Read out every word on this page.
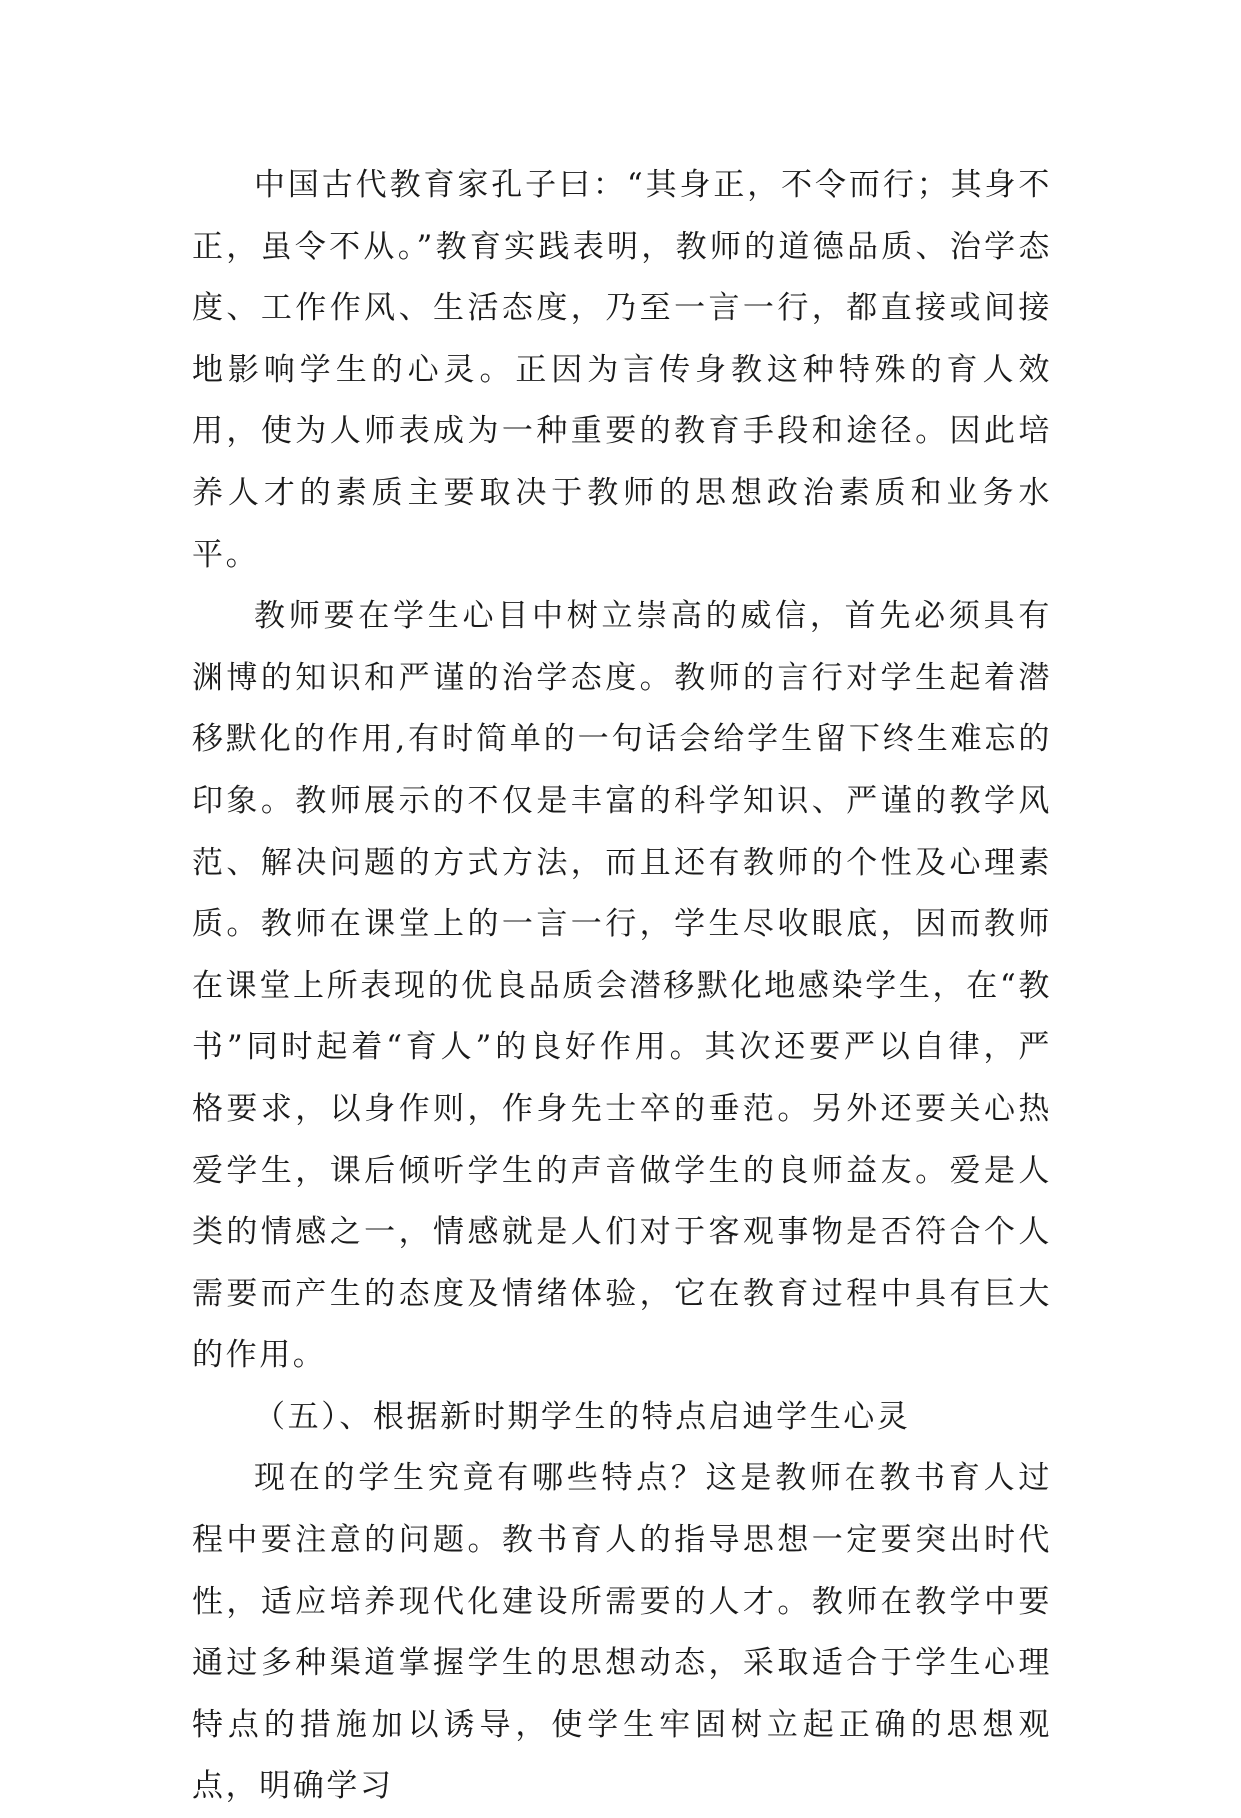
中国古代教育家孔子曰：“其身正，不令而行；其身不正，虽令不从。”教育实践表明，教师的道德品质、治学态度、工作作风、生活态度，乃至一言一行，都直接或间接地影响学生的心灵。正因为言传身教这种特殊的育人效用，使为人师表成为一种重要的教育手段和途径。因此培养人才的素质主要取决于教师的思想政治素质和业务水平。

教师要在学生心目中树立崇高的威信，首先必须具有渊博的知识和严谨的治学态度。教师的言行对学生起着潜移默化的作用,有时简单的一句话会给学生留下终生难忘的印象。教师展示的不仅是丰富的科学知识、严谨的教学风范、解决问题的方式方法，而且还有教师的个性及心理素质。教师在课堂上的一言一行，学生尽收眼底，因而教师在课堂上所表现的优良品质会潜移默化地感染学生，在“教书”同时起着“育人”的良好作用。其次还要严以自律，严格要求，以身作则，作身先士卒的垂范。另外还要关心热爱学生，课后倾听学生的声音做学生的良师益友。爱是人类的情感之一，情感就是人们对于客观事物是否符合个人需要而产生的态度及情绪体验，它在教育过程中具有巨大的作用。

（五）、根据新时期学生的特点启迪学生心灵

现在的学生究竟有哪些特点？这是教师在教书育人过程中要注意的问题。教书育人的指导思想一定要突出时代性，适应培养现代化建设所需要的人才。教师在教学中要通过多种渠道掌握学生的思想动态，采取适合于学生心理特点的措施加以诱导，使学生牢固树立起正确的思想观点，明确学习
